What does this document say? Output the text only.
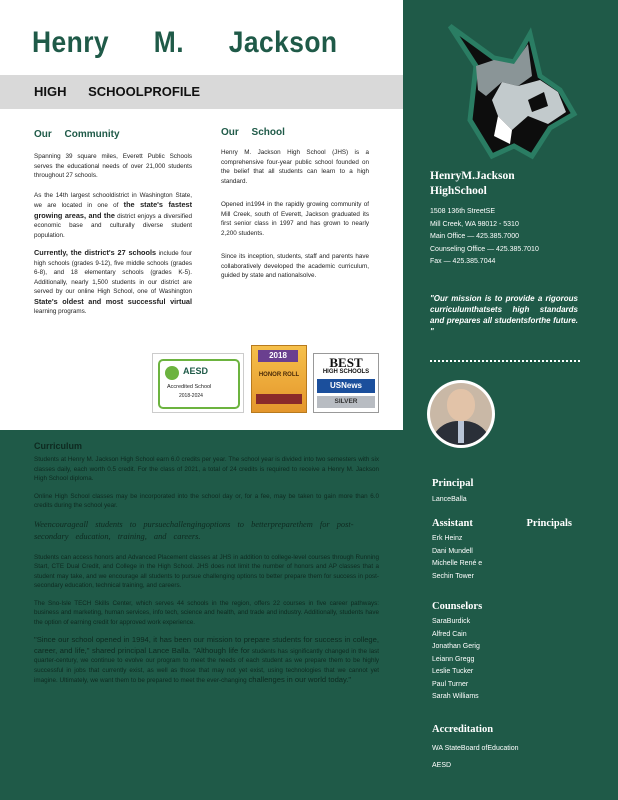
Henry M. Jackson
HIGH SCHOOLPROFILE
Our Community
Spanning 39 square miles, Everett Public Schools serves the educational needs of over 21,000 students throughout 27 schools.
As the 14th largest schooldistrict in Washington State, we are located in one of the state's fastest growing areas, and the district enjoys a diversified economic base and culturally diverse student population.
Currently, the district's 27 schools include four high schools (grades 9-12), five middle schools (grades 6-8), and 18 elementary schools (grades K-5). Additionally, nearly 1,500 students in our district are served by our online High School, one of Washington State's oldest and most successful virtual learning programs.
Our School
Henry M. Jackson High School (JHS) is a comprehensive four-year public school founded on the belief that all students can learn to a high standard.
Opened in1994 in the rapidly growing community of Mill Creek, south of Everett, Jackson graduated its first senior class in 1997 and has grown to nearly 2,200 students.
Since its inception, students, staff and parents have collaboratively developed the academic curriculum, guided by state and nationalsolve.
AESD
Accredited School
2018-2024
2018
HONOR ROLL
BEST
HIGH SCHOOLS
USNews
SILVER
HenryM.Jackson
HighSchool
1508 136th StreetSE
Mill Creek, WA 98012 - 5310
Main Office — 425.385.7000
Counseling Office — 425.385.7010
Fax — 425.385.7044
"Our mission is to provide a rigorous curriculumthatsets high standards and prepares all studentsforthe future. "
Principal
LanceBalla
Assistant Principals
Erk Heinz
Dani Mundell
Michelle René e
Sechin Tower
Counselors
SaraBurdick
Alfred Cain
Jonathan Gerig
Leiann Gregg
Leslie Tucker
Paul Turner
Sarah Williams
Accreditation
WA StateBoard ofEducation
AESD
Curriculum
Students at Henry M. Jackson High School earn 6.0 credits per year. The school year is divided into two semesters with six classes daily, each worth 0.5 credit. For the class of 2021, a total of 24 credits is required to receive a Henry M. Jackson High School diploma.
Online High School classes may be incorporated into the school day or, for a fee, may be taken to gain more than 6.0 credits during the school year.
Weencourageall students to pursuechallengingoptions to betterpreparethem for post-secondary education, training, and careers.
Students can access honors and Advanced Placement classes at JHS in addition to college-level courses through Running Start, CTE Dual Credit, and College in the High School. JHS does not limit the number of honors and AP classes that a student may take, and we encourage all students to pursue challenging options to better prepare them for success in post-secondary education, technical training, and careers.
The Sno-Isle TECH Skills Center, which serves 44 schools in the region, offers 22 courses in five career pathways: business and marketing, human services, info tech, science and health, and trade and industry. Additionally, students have the option of earning credit for approved work experience.
"Since our school opened in 1994, it has been our mission to prepare students for success in college, career, and life," shared principal Lance Balla. "Although life for students has significantly changed in the last quarter-century, we continue to evolve our program to meet the needs of each student as we prepare them to be highly successful in jobs that currently exist, as well as those that may not yet exist, using technologies that we cannot yet imagine. Ultimately, we want them to be prepared to meet the ever-changing challenges in our world today."
